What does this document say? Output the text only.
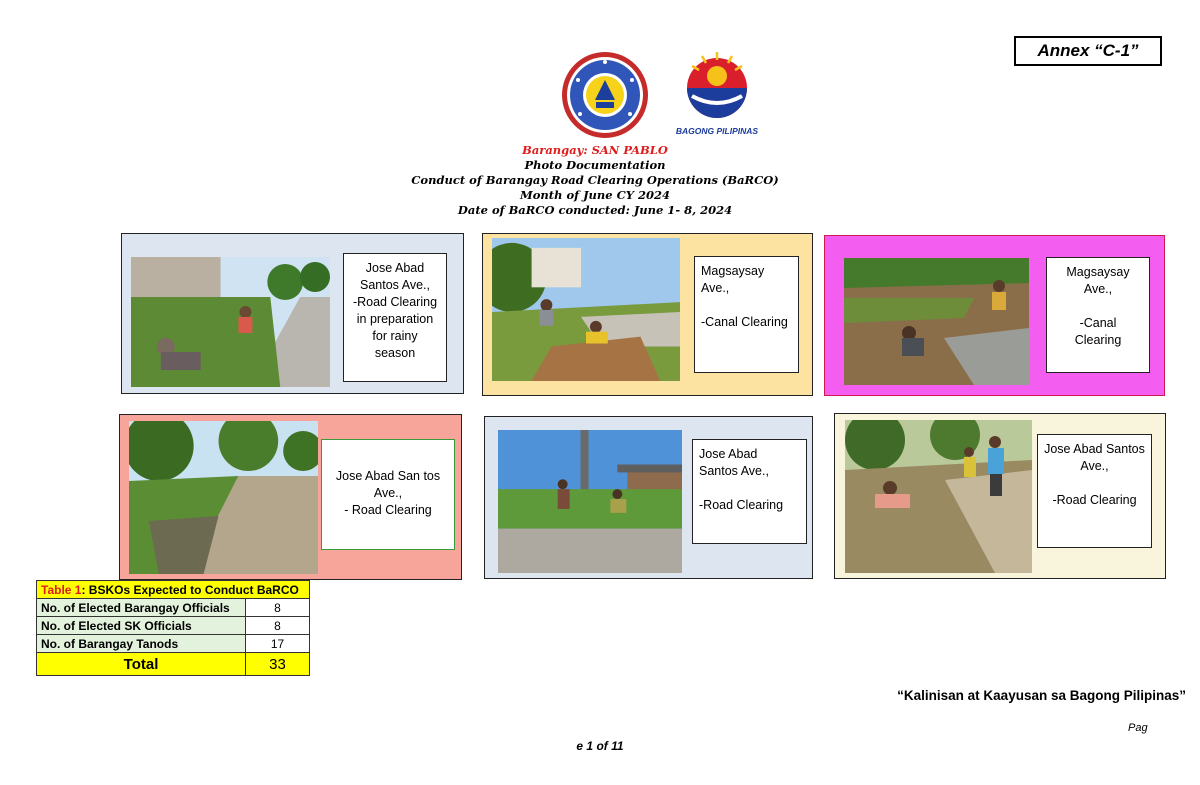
Annex “C-1”
BAGONG PILIPINAS
Barangay: SAN PABLO
Photo Documentation
Conduct of Barangay Road Clearing Operations (BaRCO)
Month of June CY 2024
Date of BaRCO conducted: June 1- 8, 2024
Jose Abad
Santos Ave.,
-Road Clearing
in preparation
for rainy
season
Magsaysay
Ave.,

-Canal Clearing
Magsaysay
Ave.,

-Canal
Clearing
Jose Abad San tos
Ave.,
- Road Clearing
Jose Abad
Santos Ave.,

-Road Clearing
Jose Abad Santos
Ave.,

-Road Clearing
Table 1: BSKOs Expected to Conduct BaRCO	
No. of Elected Barangay Officials	8
No. of Elected SK Officials	8
No. of Barangay Tanods	17
Total	33
“Kalinisan at Kaayusan sa Bagong Pilipinas”
Pag
e 1 of 11
